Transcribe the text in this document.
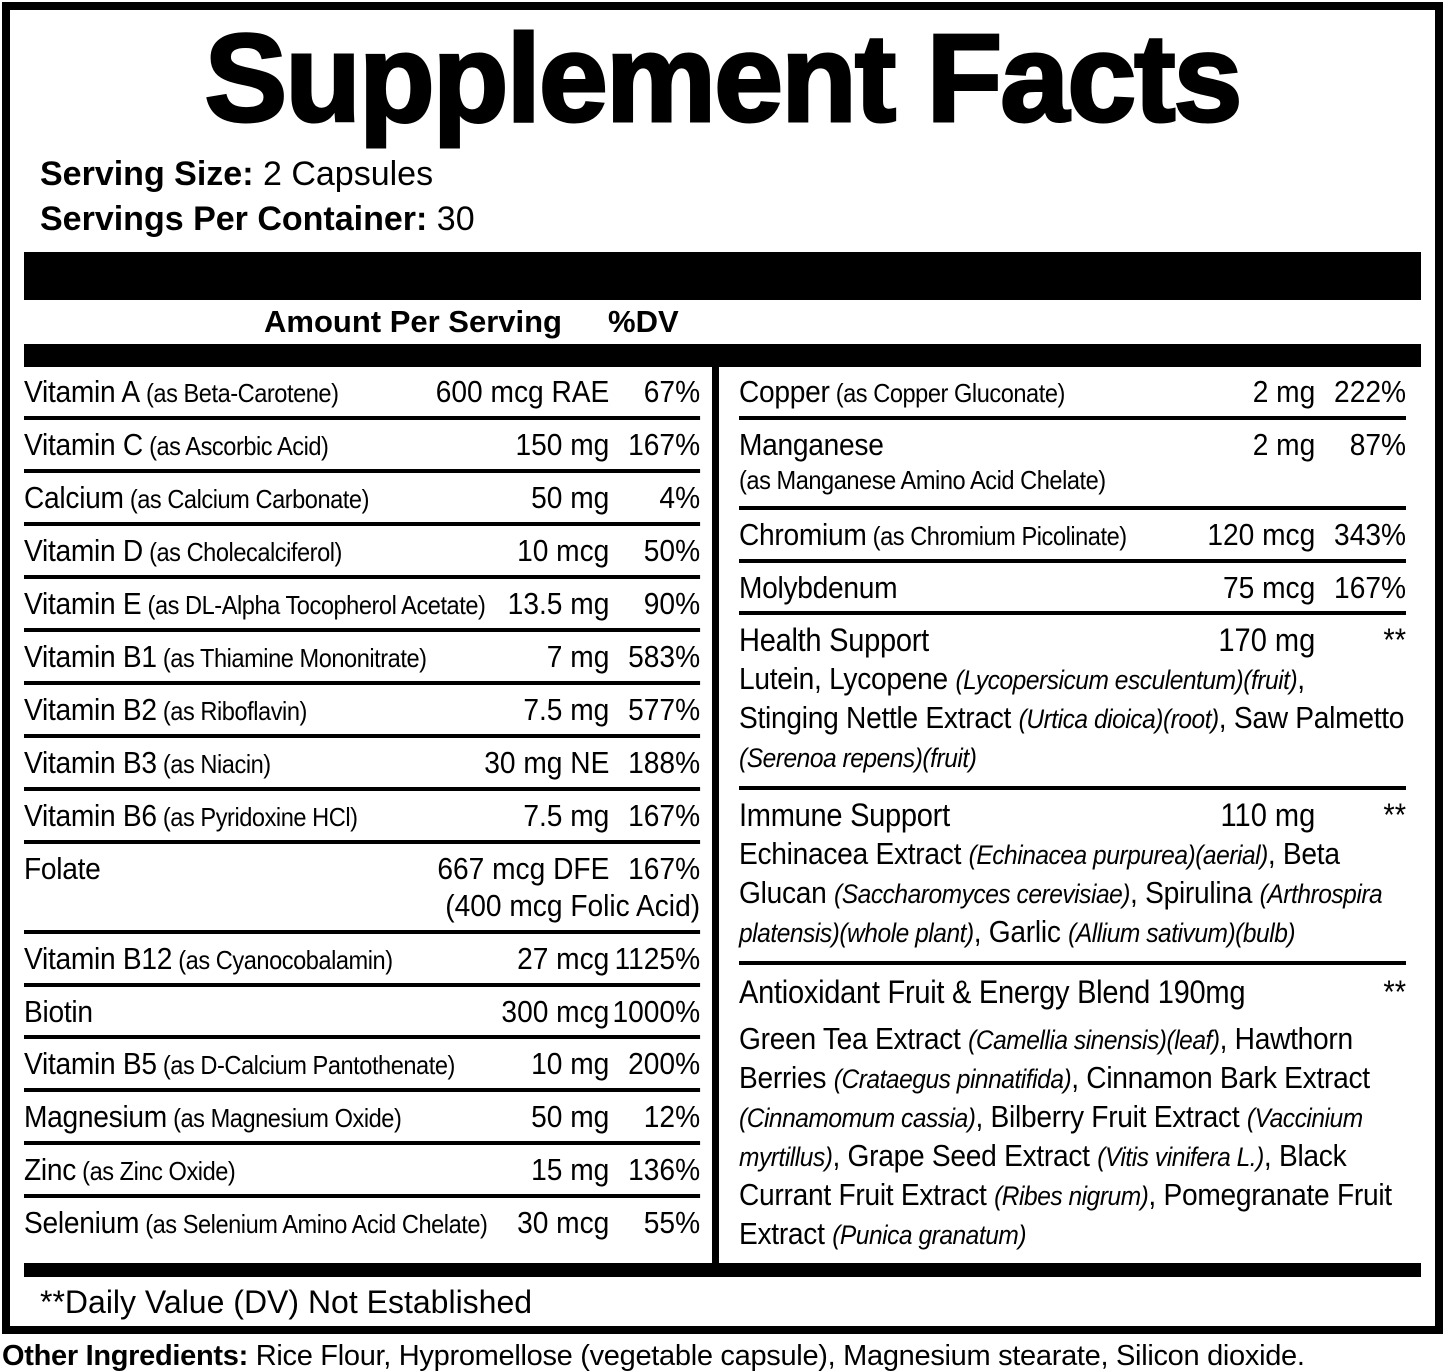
Supplement Facts
Serving Size: 2 Capsules
Servings Per Container: 30
Amount Per Serving %DV
Vitamin A (as Beta-Carotene)	600 mcg RAE	67%
Vitamin C (as Ascorbic Acid)	150 mg 167%
Calcium (as Calcium Carbonate)	50 mg	4%
Vitamin D (as Cholecalciferol)	10 mcg	50%
Vitamin E (as DL-Alpha Tocopherol Acetate) 13.5 mg	90%
Vitamin B1 (as Thiamine Mononitrate)	7 mg 583%
Vitamin B2 (as Riboflavin)	7.5 mg 577%
Vitamin B3 (as Niacin)	30 mg NE 188%
Vitamin B6 (as Pyridoxine HCl)	7.5 mg 167%
Folate	667 mcg DFE 167%
(400 mcg Folic Acid)
Vitamin B12 (as Cyanocobalamin)	27 mcg 1125%
Biotin	300 mcg 1000%
Vitamin B5 (as D-Calcium Pantothenate)	10 mg 200%
Magnesium (as Magnesium Oxide)	50 mg	12%
Zinc (as Zinc Oxide)	15 mg 136%
Selenium (as Selenium Amino Acid Chelate) 30 mcg	55%
Copper (as Copper Gluconate)	2 mg 222%
Manganese	2 mg	87%
(as Manganese Amino Acid Chelate)
Chromium (as Chromium Picolinate)	120 mcg 343%
Molybdenum	75 mcg 167%
Health Support	170 mg	**
Lutein, Lycopene (Lycopersicum esculentum)(fruit), Stinging Nettle Extract (Urtica dioica)(root), Saw Palmetto (Serenoa repens)(fruit)
Immune Support	110 mg	**
Echinacea Extract (Echinacea purpurea)(aerial), Beta Glucan (Saccharomyces cerevisiae), Spirulina (Arthrospira platensis)(whole plant), Garlic (Allium sativum)(bulb)
Antioxidant Fruit & Energy Blend 190mg	**
Green Tea Extract (Camellia sinensis)(leaf), Hawthorn Berries (Crataegus pinnatifida), Cinnamon Bark Extract (Cinnamomum cassia), Bilberry Fruit Extract (Vaccinium myrtillus), Grape Seed Extract (Vitis vinifera L.), Black Currant Fruit Extract (Ribes nigrum), Pomegranate Fruit Extract (Punica granatum)
**Daily Value (DV) Not Established
Other Ingredients: Rice Flour, Hypromellose (vegetable capsule), Magnesium stearate, Silicon dioxide.
